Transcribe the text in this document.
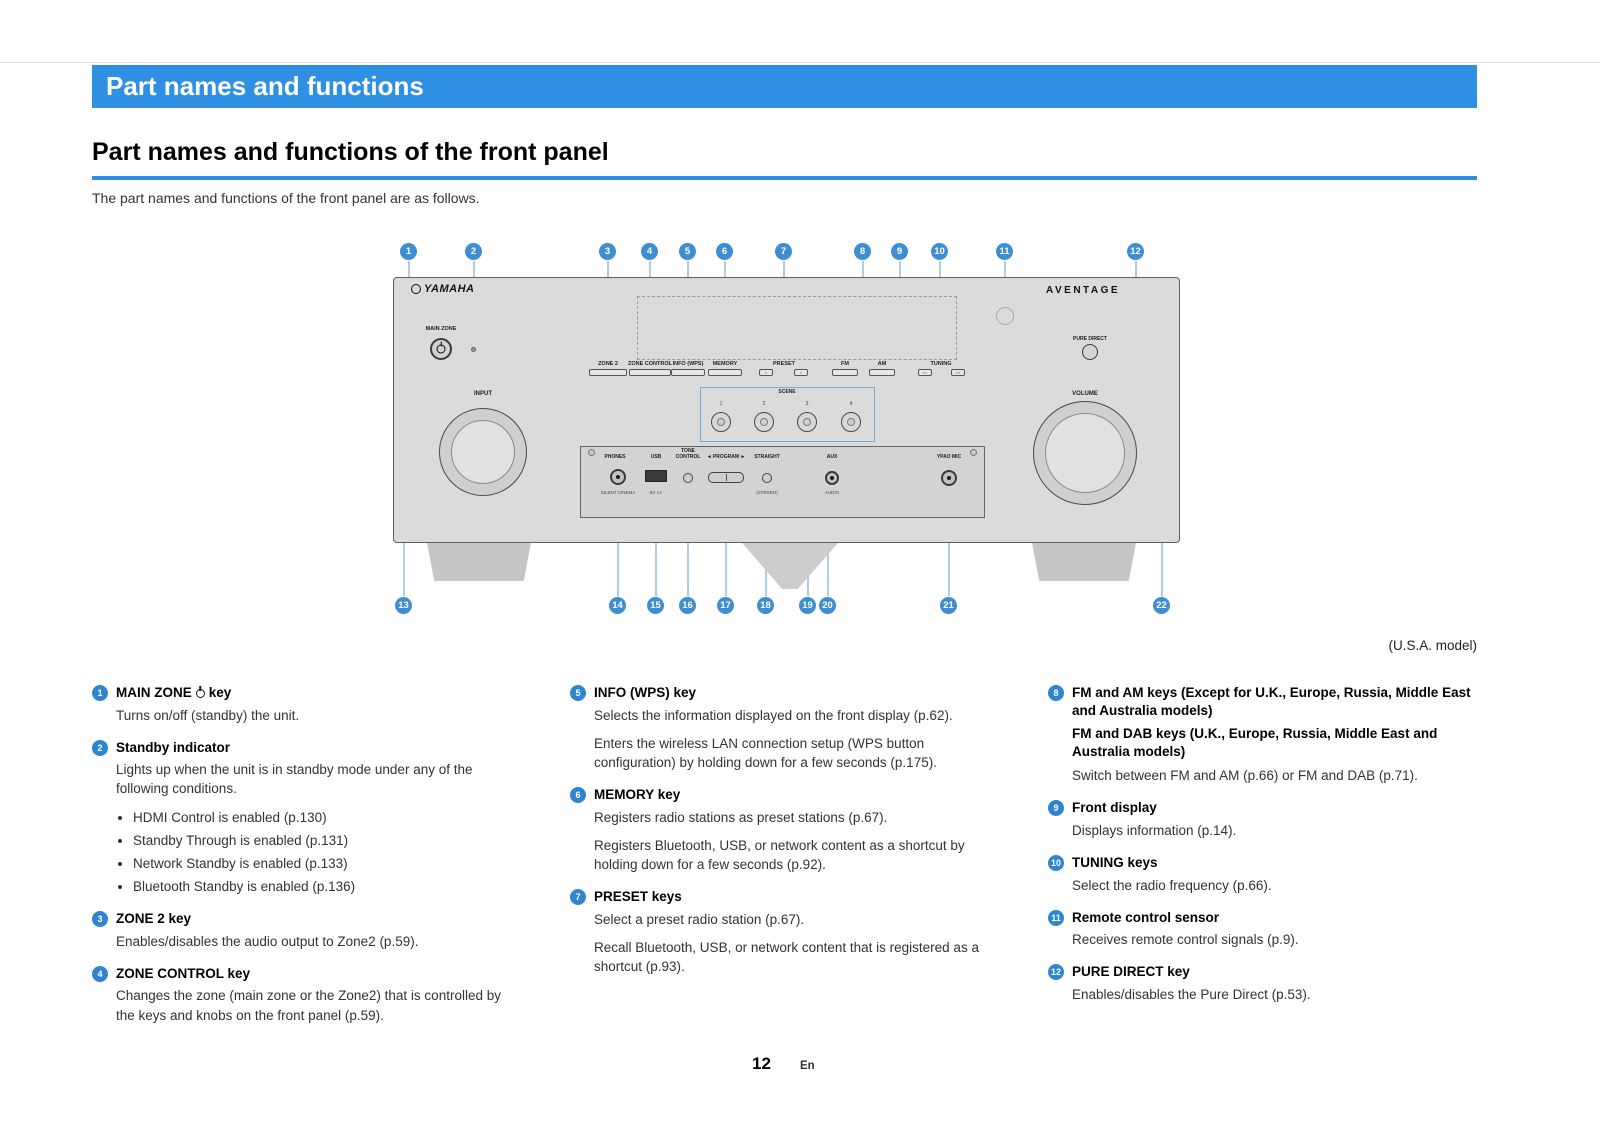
Part names and functions
Part names and functions of the front panel

The part names and functions of the front panel are as follows.

YAMAHA	AVENTAGE
MAIN ZONE
ZONE 2 ZONE CONTROL INFO (WPS) MEMORY	PRESET	FM	AM	TUNING
<	>	<<	>>
PURE DIRECT
INPUT	VOLUME
SCENE
1	2	3	4
PHONES
SILENT CINEMA
USB
5V 1A
TONE CONTROL	◄ PROGRAM ► STRAIGHT
(STEREO)
AUX
AUDIO
YPAO MIC
1	2	3	4	5	6	7	8	9	10	11	12
13	14	15	16	17	18	19 20	21	22
(U.S.A. model)
1	MAIN ZONE key

Turns on/off (standby) the unit.

2	Standby indicator

Lights up when the unit is in standby mode under any of the following conditions.

• HDMI Control is enabled (p.130)
• Standby Through is enabled (p.131)
• Network Standby is enabled (p.133)
• Bluetooth Standby is enabled (p.136)
3	ZONE 2 key

Enables/disables the audio output to Zone2 (p.59).

4	ZONE CONTROL key

Changes the zone (main zone or the Zone2) that is controlled by the keys and knobs on the front panel (p.59).

5	INFO (WPS) key

Selects the information displayed on the front display (p.62).

Enters the wireless LAN connection setup (WPS button configuration) by holding down for a few seconds (p.175).

6	MEMORY key

Registers radio stations as preset stations (p.67).

Registers Bluetooth, USB, or network content as a shortcut by holding down for a few seconds (p.92).

7	PRESET keys

Select a preset radio station (p.67).

Recall Bluetooth, USB, or network content that is registered as a shortcut (p.93).

8	FM and AM keys (Except for U.K., Europe, Russia, Middle East and Australia models)
FM and DAB keys (U.K., Europe, Russia, Middle East and Australia models)

Switch between FM and AM (p.66) or FM and DAB (p.71).

9	Front display

Displays information (p.14).

10 TUNING keys

Select the radio frequency (p.66).

11 Remote control sensor

Receives remote control signals (p.9).

12 PURE DIRECT key

Enables/disables the Pure Direct (p.53).

12	En
